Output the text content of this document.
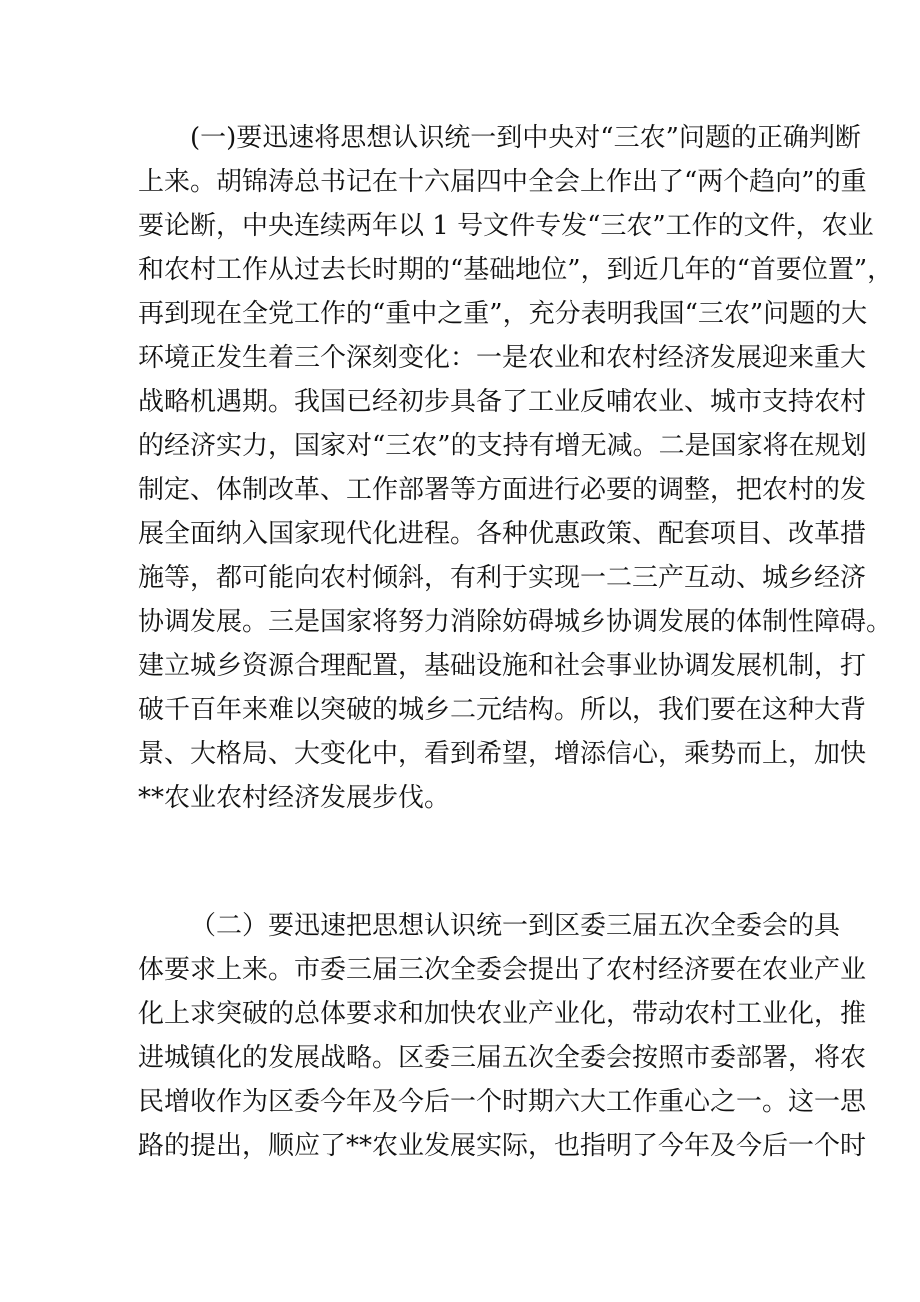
(一)要迅速将思想认识统一到中央对“三农”问题的正确判断
上来。胡锦涛总书记在十六届四中全会上作出了“两个趋向”的重
要论断，中央连续两年以 1 号文件专发“三农”工作的文件，农业
和农村工作从过去长时期的“基础地位”，到近几年的“首要位置”，
再到现在全党工作的“重中之重”，充分表明我国“三农”问题的大
环境正发生着三个深刻变化：一是农业和农村经济发展迎来重大
战略机遇期。我国已经初步具备了工业反哺农业、城市支持农村
的经济实力，国家对“三农”的支持有增无减。二是国家将在规划
制定、体制改革、工作部署等方面进行必要的调整，把农村的发
展全面纳入国家现代化进程。各种优惠政策、配套项目、改革措
施等，都可能向农村倾斜，有利于实现一二三产互动、城乡经济
协调发展。三是国家将努力消除妨碍城乡协调发展的体制性障碍。
建立城乡资源合理配置，基础设施和社会事业协调发展机制，打
破千百年来难以突破的城乡二元结构。所以，我们要在这种大背
景、大格局、大变化中，看到希望，增添信心，乘势而上，加快
**农业农村经济发展步伐。
（二）要迅速把思想认识统一到区委三届五次全委会的具
体要求上来。市委三届三次全委会提出了农村经济要在农业产业
化上求突破的总体要求和加快农业产业化，带动农村工业化，推
进城镇化的发展战略。区委三届五次全委会按照市委部署，将农
民增收作为区委今年及今后一个时期六大工作重心之一。这一思
路的提出，顺应了**农业发展实际，也指明了今年及今后一个时
